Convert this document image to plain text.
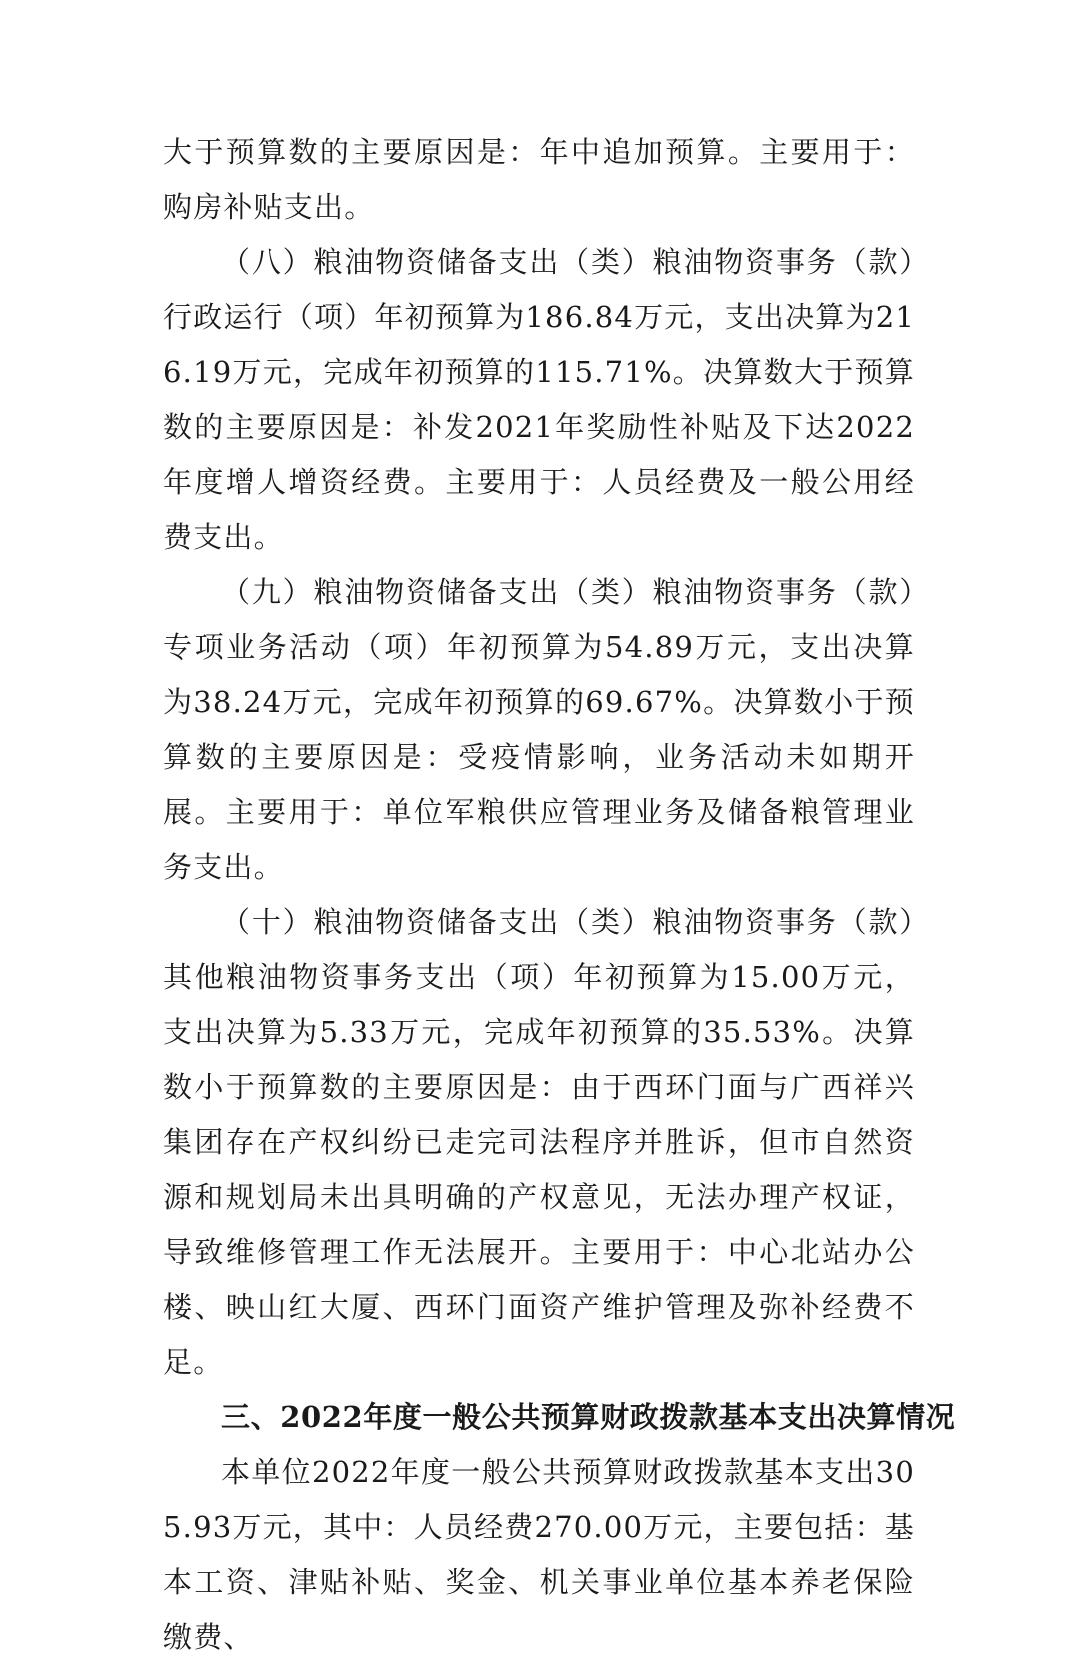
大于预算数的主要原因是：年中追加预算。主要用于：购房补贴支出。

（八）粮油物资储备支出（类）粮油物资事务（款）行政运行（项）年初预算为186.84万元，支出决算为216.19万元，完成年初预算的115.71%。决算数大于预算数的主要原因是：补发2021年奖励性补贴及下达2022年度增人增资经费。主要用于：人员经费及一般公用经费支出。

（九）粮油物资储备支出（类）粮油物资事务（款）专项业务活动（项）年初预算为54.89万元，支出决算为38.24万元，完成年初预算的69.67%。决算数小于预算数的主要原因是：受疫情影响，业务活动未如期开展。主要用于：单位军粮供应管理业务及储备粮管理业务支出。

（十）粮油物资储备支出（类）粮油物资事务（款）其他粮油物资事务支出（项）年初预算为15.00万元，支出决算为5.33万元，完成年初预算的35.53%。决算数小于预算数的主要原因是：由于西环门面与广西祥兴集团存在产权纠纷已走完司法程序并胜诉，但市自然资源和规划局未出具明确的产权意见，无法办理产权证，导致维修管理工作无法展开。主要用于：中心北站办公楼、映山红大厦、西环门面资产维护管理及弥补经费不足。

三、2022年度一般公共预算财政拨款基本支出决算情况

本单位2022年度一般公共预算财政拨款基本支出305.93万元，其中：人员经费270.00万元，主要包括：基本工资、津贴补贴、奖金、机关事业单位基本养老保险缴费、
